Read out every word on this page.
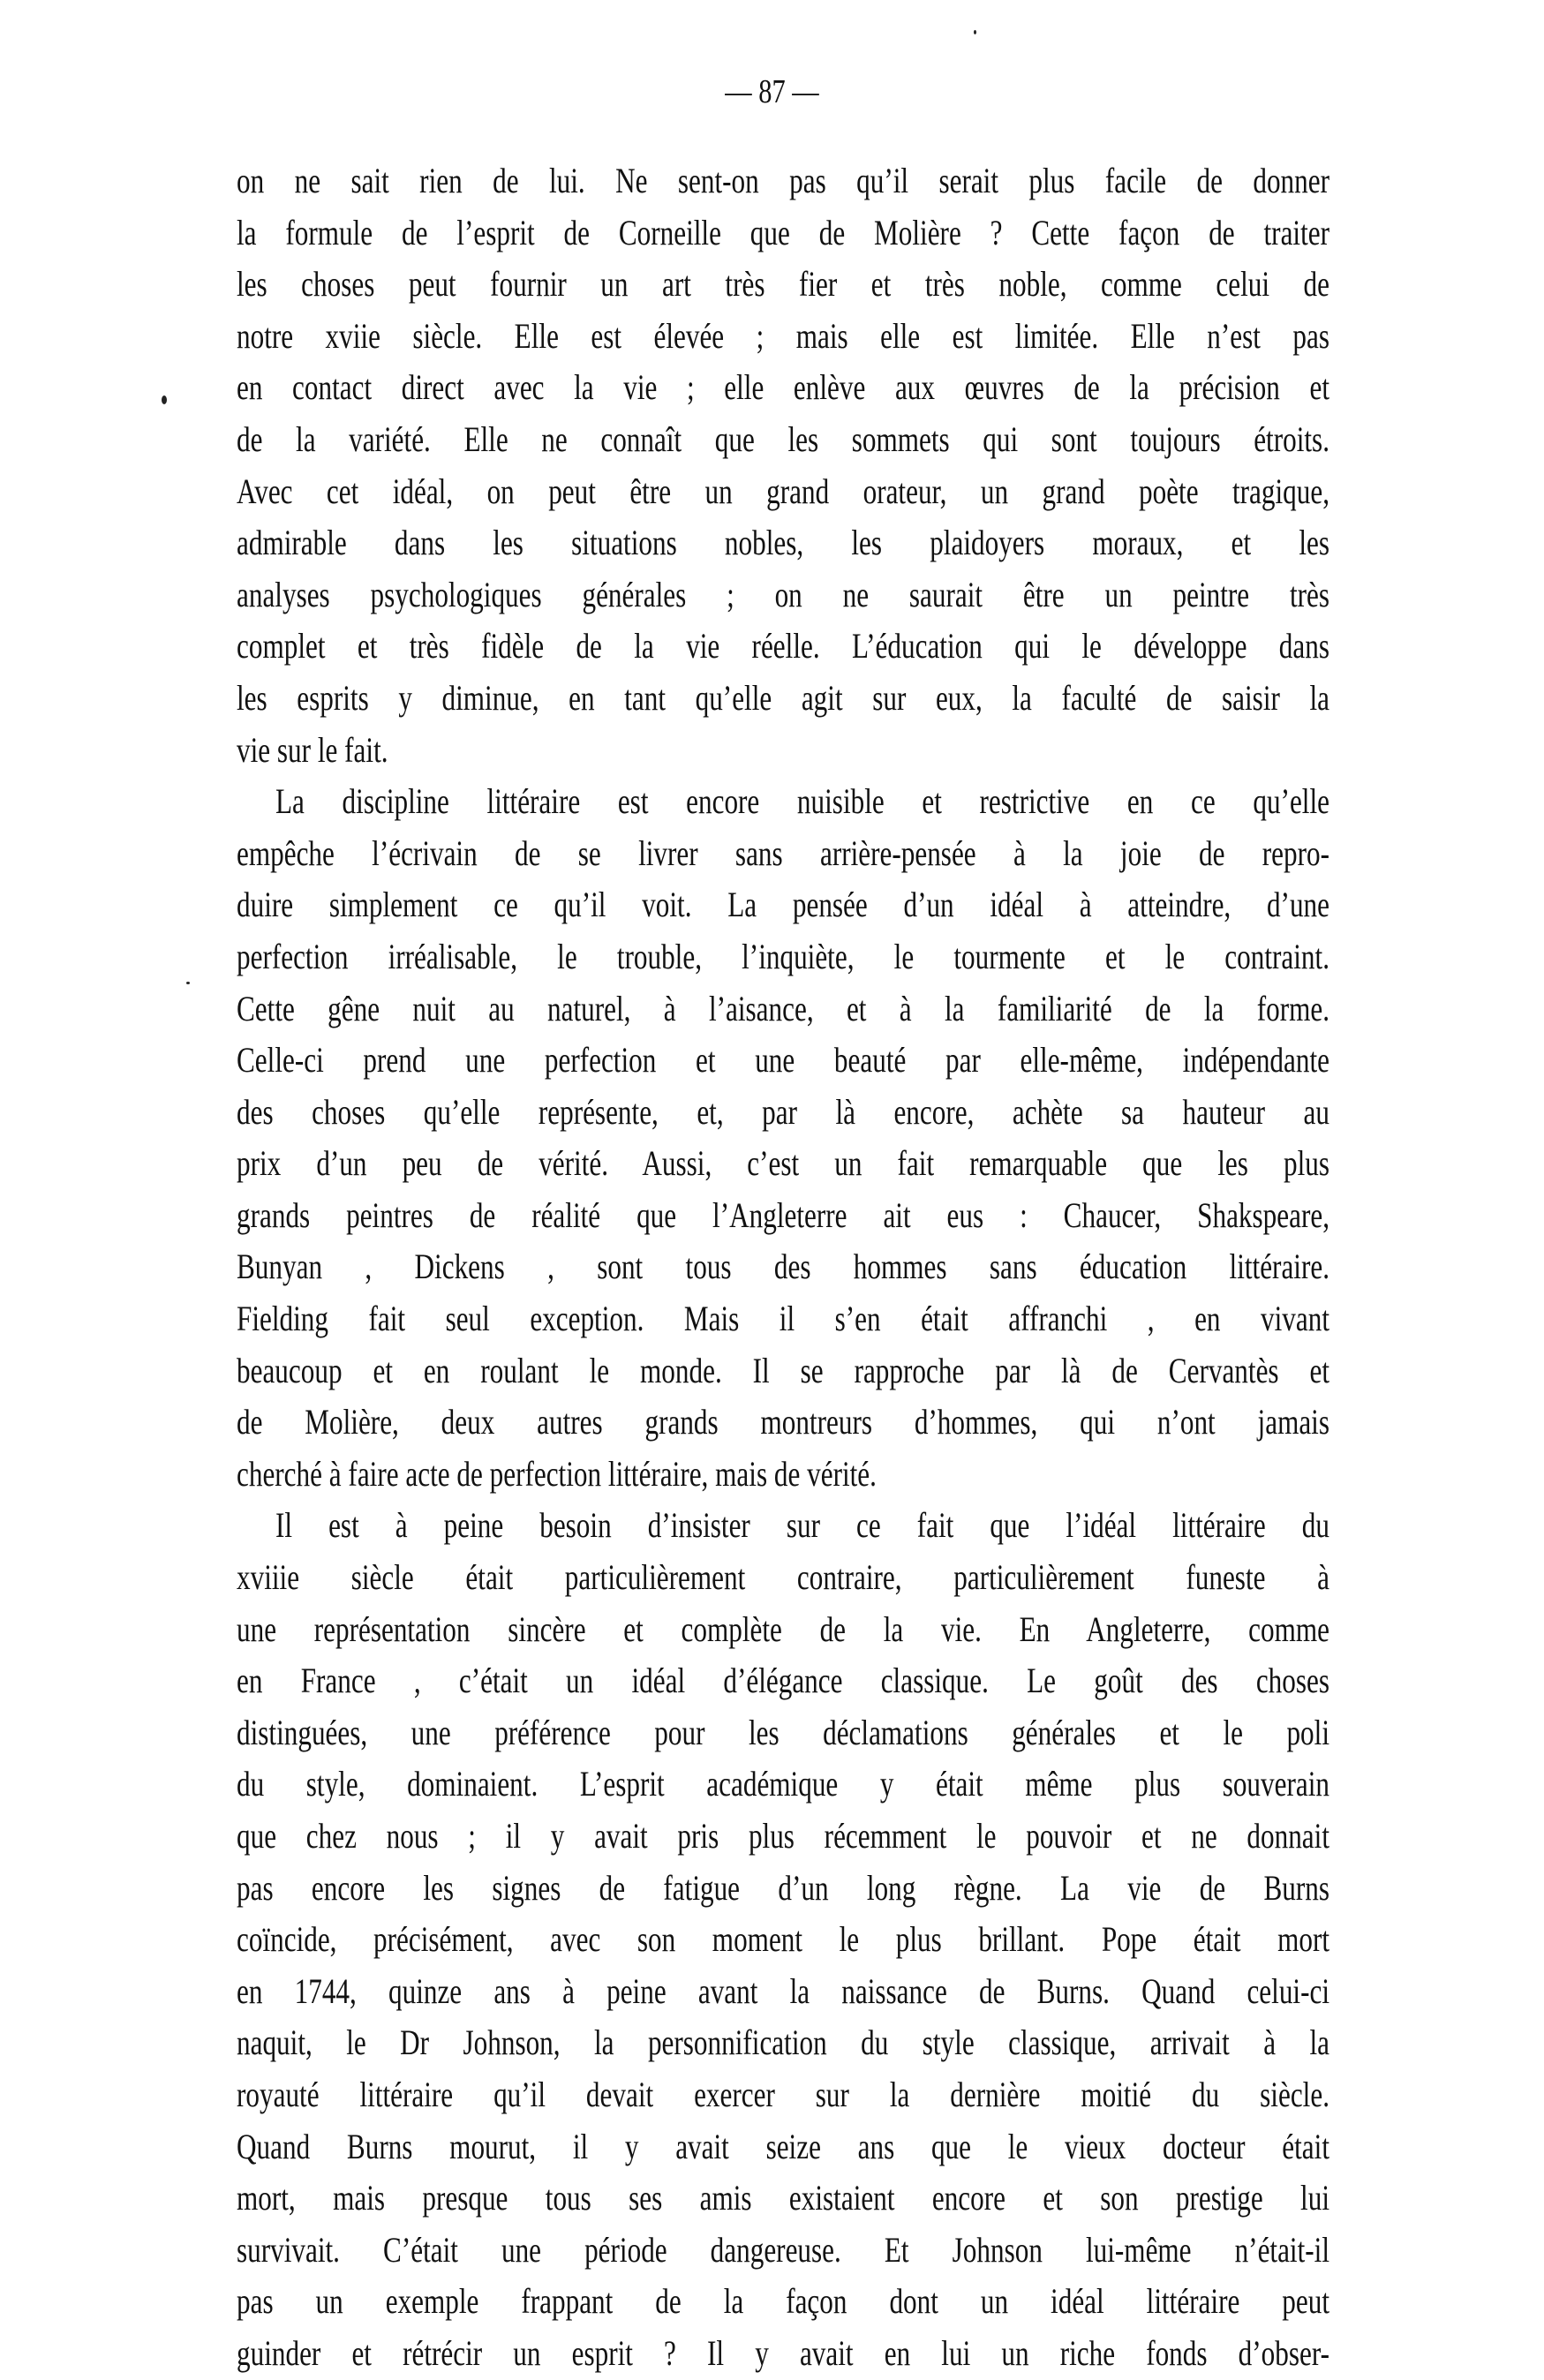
— 87 —
on ne sait rien de lui. Ne sent-on pas qu’il serait plus facile de donner
la formule de l’esprit de Corneille que de Molière ? Cette façon de traiter
les choses peut fournir un art très fier et très noble, comme celui de
notre xviie siècle. Elle est élevée ; mais elle est limitée. Elle n’est pas
en contact direct avec la vie ; elle enlève aux œuvres de la précision et
de la variété. Elle ne connaît que les sommets qui sont toujours étroits.
Avec cet idéal, on peut être un grand orateur, un grand poète tragique,
admirable dans les situations nobles, les plaidoyers moraux, et les
analyses psychologiques générales ; on ne saurait être un peintre très
complet et très fidèle de la vie réelle. L’éducation qui le développe dans
les esprits y diminue, en tant qu’elle agit sur eux, la faculté de saisir la
vie sur le fait.
La discipline littéraire est encore nuisible et restrictive en ce qu’elle
empêche l’écrivain de se livrer sans arrière-pensée à la joie de repro-
duire simplement ce qu’il voit. La pensée d’un idéal à atteindre, d’une
perfection irréalisable, le trouble, l’inquiète, le tourmente et le contraint.
Cette gêne nuit au naturel, à l’aisance, et à la familiarité de la forme.
Celle-ci prend une perfection et une beauté par elle-même, indépendante
des choses qu’elle représente, et, par là encore, achète sa hauteur au
prix d’un peu de vérité. Aussi, c’est un fait remarquable que les plus
grands peintres de réalité que l’Angleterre ait eus : Chaucer, Shakspeare,
Bunyan , Dickens , sont tous des hommes sans éducation littéraire.
Fielding fait seul exception. Mais il s’en était affranchi , en vivant
beaucoup et en roulant le monde. Il se rapproche par là de Cervantès et
de Molière, deux autres grands montreurs d’hommes, qui n’ont jamais
cherché à faire acte de perfection littéraire, mais de vérité.
Il est à peine besoin d’insister sur ce fait que l’idéal littéraire du
xviiie siècle était particulièrement contraire, particulièrement funeste à
une représentation sincère et complète de la vie. En Angleterre, comme
en France , c’était un idéal d’élégance classique. Le goût des choses
distinguées, une préférence pour les déclamations générales et le poli
du style, dominaient. L’esprit académique y était même plus souverain
que chez nous ; il y avait pris plus récemment le pouvoir et ne donnait
pas encore les signes de fatigue d’un long règne. La vie de Burns
coïncide, précisément, avec son moment le plus brillant. Pope était mort
en 1744, quinze ans à peine avant la naissance de Burns. Quand celui-ci
naquit, le Dr Johnson, la personnification du style classique, arrivait à la
royauté littéraire qu’il devait exercer sur la dernière moitié du siècle.
Quand Burns mourut, il y avait seize ans que le vieux docteur était
mort, mais presque tous ses amis existaient encore et son prestige lui
survivait. C’était une période dangereuse. Et Johnson lui-même n’était-il
pas un exemple frappant de la façon dont un idéal littéraire peut
guinder et rétrécir un esprit ? Il y avait en lui un riche fonds d’obser-
